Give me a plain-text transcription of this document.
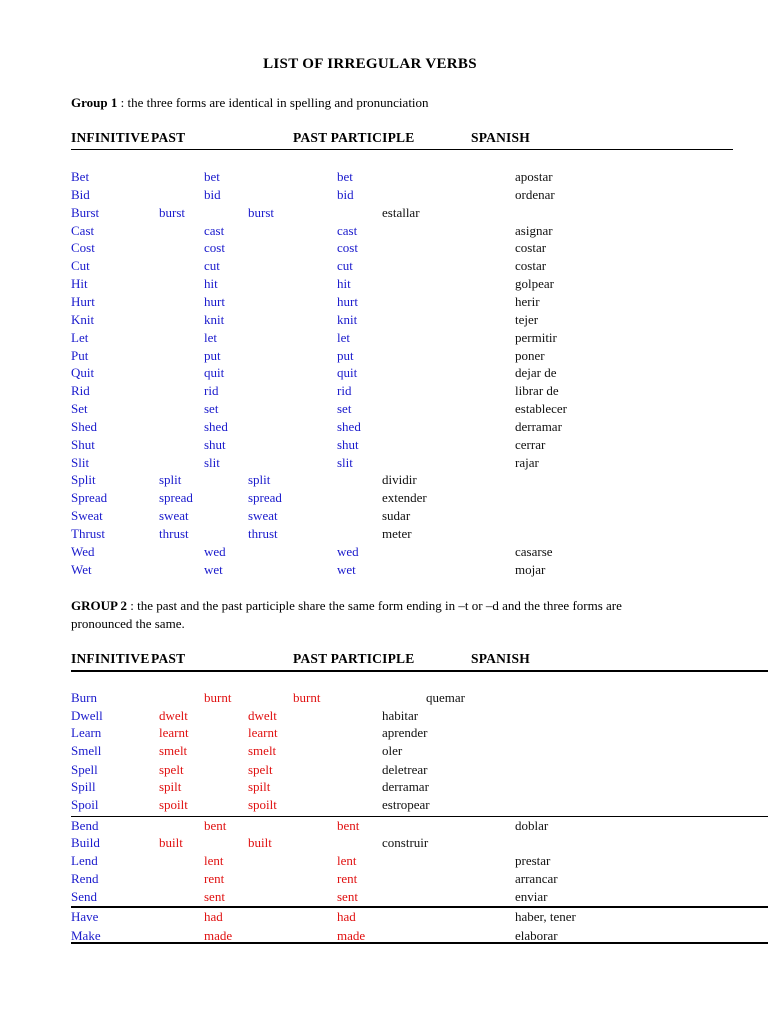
LIST OF IRREGULAR VERBS
Group 1 : the three forms are identical in spelling and pronunciation
INFINITIVE PAST	PAST PARTICIPLE	SPANISH
GROUP 2 : the past and the past participle share the same form ending in –t or –d and the three forms are
pronounced the same.
INFINITIVE PAST	PAST PARTICIPLE	SPANISH
Bet	bet	bet	apostar
Bid	bid	bid	ordenar
Burst	burst	burst	estallar
Cast	cast	cast	asignar
Cost	cost	cost	costar
Cut	cut	cut	costar
Hit	hit	hit	golpear
Hurt	hurt	hurt	herir
Knit	knit	knit	tejer
Let	let	let	permitir
Put	put	put	poner
Quit	quit	quit	dejar de
Rid	rid	rid	librar de
Set	set	set	establecer
Shed	shed	shed	derramar
Shut	shut	shut	cerrar
Slit	slit	slit	rajar
Split	split	split	dividir
Spread	spread	spread	extender
Sweat	sweat	sweat	sudar
Thrust	thrust	thrust	meter
Wed	wed	wed	casarse
Wet	wet	wet	mojar
Burn	burnt	burnt	quemar
Dwell	dwelt	dwelt	habitar
Learn	learnt	learnt	aprender
Smell	smelt	smelt	oler
Spell	spelt	spelt	deletrear
Spill	spilt	spilt	derramar
Spoil	spoilt	spoilt	estropear
Bend	bent	bent	doblar
Build	built	built	construir
Lend	lent	lent	prestar
Rend	rent	rent	arrancar
Send	sent	sent	enviar
Have	had	had	haber, tener
Make	made	made	elaborar
